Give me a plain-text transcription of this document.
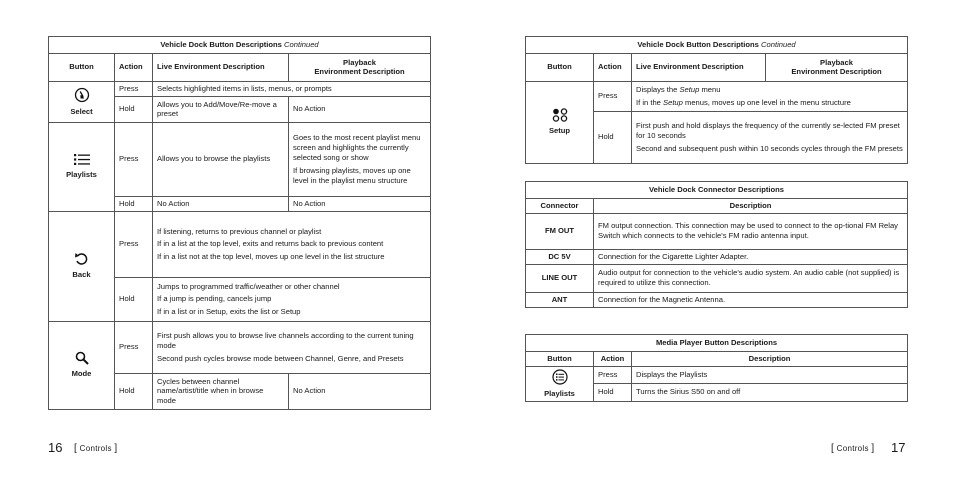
Vehicle Dock Button Descriptions Continued			
Button	Action	Live Environment Description	Playback
Environment Description

Select	Press	Selects highlighted items in lists, menus, or prompts	
	Hold	Allows you to Add/Move/Re-move a preset	No Action

Playlists	Press	Allows you to browse the playlists	Goes to the most recent playlist menu screen and highlights the currently selected song or show

If browsing playlists, moves up one level in the playlist menu structure

	Hold	No Action	No Action

Back	Press	If listening, returns to previous channel or playlist

If in a list at the top level, exits and returns back to previous content

If in a list not at the top level, moves up one level in the list structure	

	Hold	Jumps to programmed traffic/weather or other channel

If a jump is pending, cancels jump

If in a list or in Setup, exits the list or Setup	

Mode	Press	First push allows you to browse live channels according to the current tuning mode

Second push cycles browse mode between Channel, Genre, and Presets	

	Hold	Cycles between channel name/artist/title when in browse mode	No Action
16 [ Controls ]
Vehicle Dock Button Descriptions Continued			
Button	Action	Live Environment Description	Playback
Environment Description

Setup	Press	Displays the Setup menu

If in the Setup menus, moves up one level in the menu structure	

	Hold	First push and hold displays the frequency of the currently se-lected FM preset for 10 seconds

Second and subsequent push within 10 seconds cycles through the FM presets	

Vehicle Dock Connector Descriptions	
Connector	Description
FM OUT	FM output connection. This connection may be used to connect to the op-tional FM Relay Switch which connects to the vehicle's FM radio antenna input.
DC 5V	Connection for the Cigarette Lighter Adapter.
LINE OUT	Audio output for connection to the vehicle's audio system. An audio cable (not supplied) is required to utilize this connection.
ANT	Connection for the Magnetic Antenna.
Media Player Button Descriptions		
Button	Action	Description

Playlists	Press	Displays the Playlists
	Hold	Turns the Sirius S50 on and off
[ Controls ] 17
